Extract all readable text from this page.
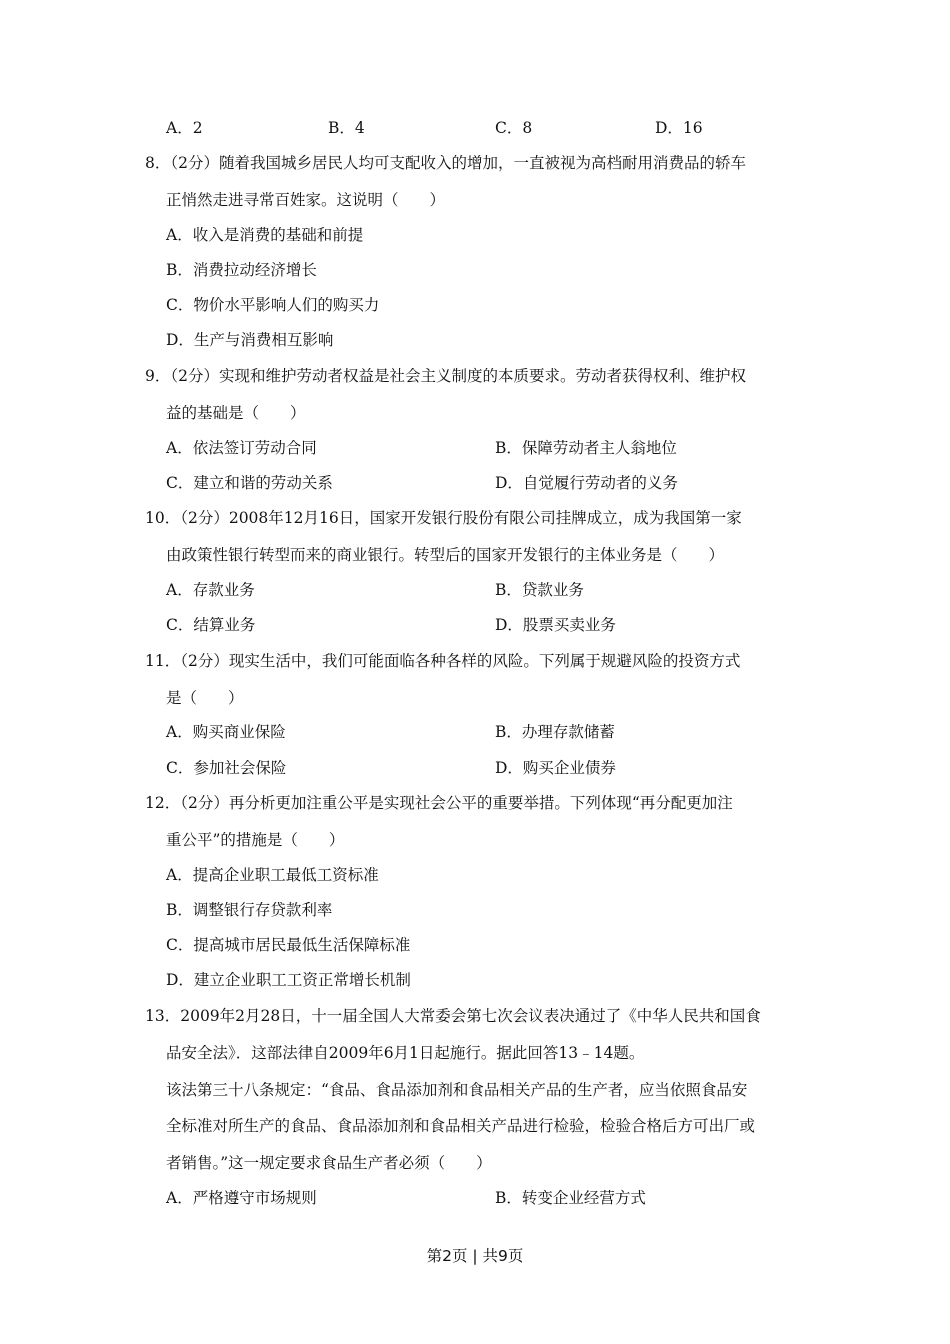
A．2	B．4	C．8	D．16
8．（2分）随着我国城乡居民人均可支配收入的增加，一直被视为高档耐用消费品的轿车
正悄然走进寻常百姓家。这说明（　　）
A．收入是消费的基础和前提
B．消费拉动经济增长
C．物价水平影响人们的购买力
D．生产与消费相互影响
9．（2分）实现和维护劳动者权益是社会主义制度的本质要求。劳动者获得权利、维护权
益的基础是（　　）
A．依法签订劳动合同	B．保障劳动者主人翁地位
C．建立和谐的劳动关系	D．自觉履行劳动者的义务
10．（2分）2008年12月16日，国家开发银行股份有限公司挂牌成立，成为我国第一家
由政策性银行转型而来的商业银行。转型后的国家开发银行的主体业务是（　　）
A．存款业务	B．贷款业务
C．结算业务	D．股票买卖业务
11．（2分）现实生活中，我们可能面临各种各样的风险。下列属于规避风险的投资方式
是（　　）
A．购买商业保险	B．办理存款储蓄
C．参加社会保险	D．购买企业债券
12．（2分）再分析更加注重公平是实现社会公平的重要举措。下列体现“再分配更加注
重公平”的措施是（　　）
A．提高企业职工最低工资标准
B．调整银行存贷款利率
C．提高城市居民最低生活保障标准
D．建立企业职工工资正常增长机制
13．2009年2月28日，十一届全国人大常委会第七次会议表决通过了《中华人民共和国食
品安全法》．这部法律自2009年6月1日起施行。据此回答13﹣14题。
该法第三十八条规定：“食品、食品添加剂和食品相关产品的生产者，应当依照食品安
全标准对所生产的食品、食品添加剂和食品相关产品进行检验，检验合格后方可出厂或
者销售。”这一规定要求食品生产者必须（　　）
A．严格遵守市场规则	B．转变企业经营方式
第2页 | 共9页
